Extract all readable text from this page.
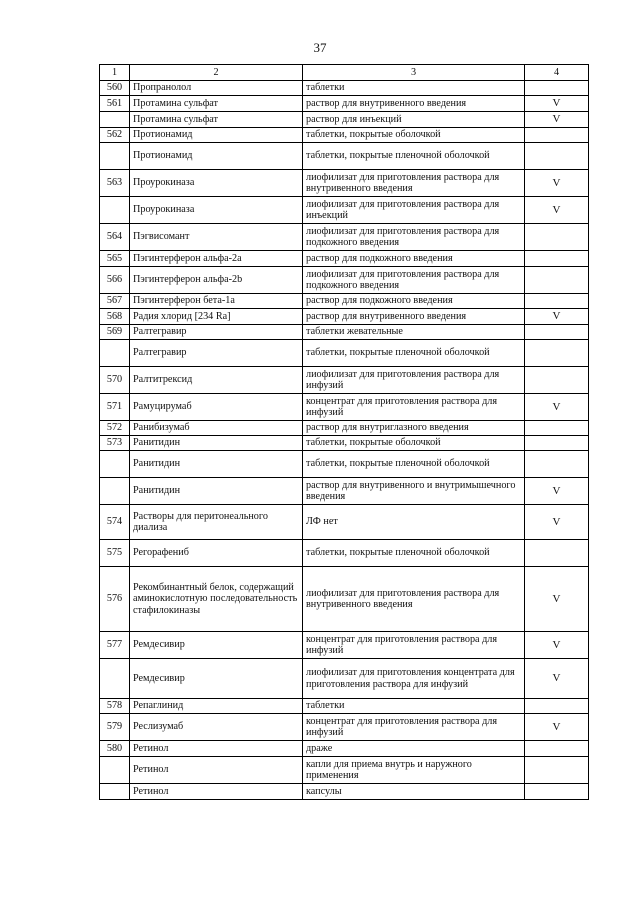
37
1	2	3	4
560	Пропранолол	таблетки	
561	Протамина сульфат	раствор для внутривенного введения	V
	Протамина сульфат	раствор для инъекций	V
562	Протионамид	таблетки, покрытые оболочкой	
	Протионамид	таблетки, покрытые пленочной оболочкой	
563	Проурокиназа	лиофилизат для приготовления раствора для внутривенного введения	V
	Проурокиназа	лиофилизат для приготовления раствора для инъекций	V
564	Пэгвисомант	лиофилизат для приготовления раствора для подкожного введения	
565	Пэгинтерферон альфа-2а	раствор для подкожного введения	
566	Пэгинтерферон альфа-2b	лиофилизат для приготовления раствора для подкожного введения	
567	Пэгинтерферон бета-1а	раствор для подкожного введения	
568	Радия хлорид [234 Ra]	раствор для внутривенного введения	V
569	Ралтегравир	таблетки жевательные	
	Ралтегравир	таблетки, покрытые пленочной оболочкой	
570	Ралтитрексид	лиофилизат для приготовления раствора для инфузий	
571	Рамуцирумаб	концентрат для приготовления раствора для инфузий	V
572	Ранибизумаб	раствор для внутриглазного введения	
573	Ранитидин	таблетки, покрытые оболочкой	
	Ранитидин	таблетки, покрытые пленочной оболочкой	
	Ранитидин	раствор для внутривенного и внутримышечного введения	V
574	Растворы для перитонеального диализа	ЛФ нет	V
575	Регорафениб	таблетки, покрытые пленочной оболочкой	
576	Рекомбинантный белок, содержащий аминокислотную последовательность стафилокиназы	лиофилизат для приготовления раствора для внутривенного введения	V
577	Ремдесивир	концентрат для приготовления раствора для инфузий	V
	Ремдесивир	лиофилизат для приготовления концентрата для приготовления раствора для инфузий	V
578	Репаглинид	таблетки	
579	Реслизумаб	концентрат для приготовления раствора для инфузий	V
580	Ретинол	драже	
	Ретинол	капли для приема внутрь и наружного применения	
	Ретинол	капсулы	
